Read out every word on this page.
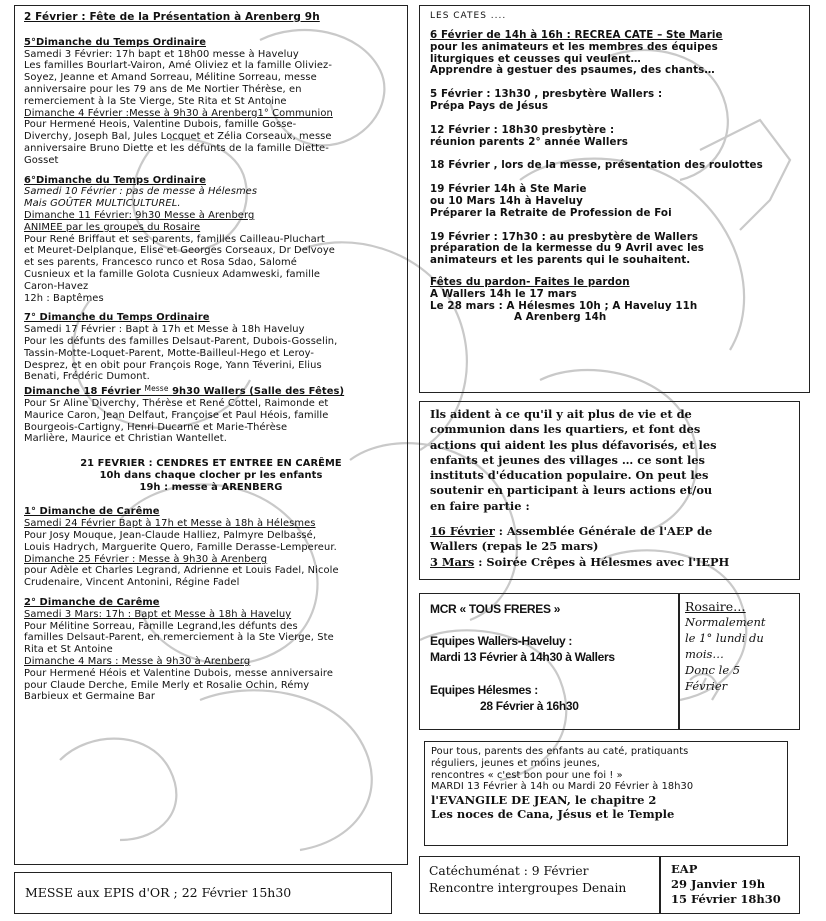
2 Février : Fête de la Présentation à Arenberg 9h
5°Dimanche du Temps Ordinaire
Samedi 3 Février: 17h bapt et 18h00 messe à Haveluy
Les familles Bourlart-Vairon, Amé Oliviez et la famille Oliviez-
Soyez, Jeanne et Amand Sorreau, Mélitine Sorreau, messe
anniversaire pour les 79 ans de Me Nortier Thérèse, en
remerciement à la Ste Vierge, Ste Rita et St Antoine
Dimanche 4 Février :Messe à 9h30 à Arenberg1° Communion
Pour Hermené Heois, Valentine Dubois, famille Gosse-
Diverchy, Joseph Bal, Jules Locquet et Zélia Corseaux, messe
anniversaire Bruno Diette et les défunts de la famille Diette-
Gosset
6°Dimanche du Temps Ordinaire
Samedi 10 Février : pas de messe à Hélesmes
Mais GOÛTER MULTICULTUREL.
Dimanche 11 Février: 9h30 Messe à Arenberg
ANIMEE par les groupes du Rosaire
Pour René Briffaut et ses parents, familles Cailleau-Pluchart
et Meuret-Delplanque, Elise et Georges Corseaux, Dr Delvoye
et ses parents, Francesco runco et Rosa Sdao, Salomé
Cusnieux et la famille Golota Cusnieux Adamweski, famille
Caron-Havez
12h : Baptêmes
7° Dimanche du Temps Ordinaire
Samedi 17 Février : Bapt à 17h et Messe à 18h Haveluy
Pour les défunts des familles Delsaut-Parent, Dubois-Gosselin,
Tassin-Motte-Loquet-Parent, Motte-Bailleul-Hego et Leroy-
Desprez, et en obit pour François Roge, Yann Téverini, Elius
Benati, Frédéric Dumont.
Dimanche 18 Février $^{Messe}$ 9h30 Wallers (Salle des Fêtes)
Pour Sr Aline Diverchy, Thérèse et René Cottel, Raimonde et
Maurice Caron, Jean Delfaut, Françoise et Paul Héois, famille
Bourgeois-Cartigny, Henri Ducarne et Marie-Thérèse
Marlière, Maurice et Christian Wantellet.
21 FEVRIER : CENDRES ET ENTREE EN CARÊME
10h dans chaque clocher pr les enfants
19h : messe à ARENBERG
1° Dimanche de Carême
Samedi 24 Février Bapt à 17h et Messe à 18h à Hélesmes
Pour Josy Mouque, Jean-Claude Halliez, Palmyre Delbassé,
Louis Hadrych, Marguerite Quero, Famille Derasse-Lempereur.
Dimanche 25 Février : Messe à 9h30 à Arenberg
pour Adèle et Charles Legrand, Adrienne et Louis Fadel, Nicole
Crudenaire, Vincent Antonini, Régine Fadel
2° Dimanche de Carême
Samedi 3 Mars: 17h : Bapt et Messe à 18h à Haveluy
Pour Mélitine Sorreau, Famille Legrand,les défunts des
familles Delsaut-Parent, en remerciement à la Ste Vierge, Ste
Rita et St Antoine
Dimanche 4 Mars : Messe à 9h30 à Arenberg
Pour Hermené Héois et Valentine Dubois, messe anniversaire
pour Claude Derche, Emile Merly et Rosalie Ochin, Rémy
Barbieux et Germaine Bar
MESSE aux EPIS d'OR ; 22 Février 15h30
LES CATES ....
6 Février de 14h à 16h : RECREA CATE – Ste Marie
pour les animateurs et les membres des équipes
liturgiques et ceusses qui veulent…
Apprendre à gestuer des psaumes, des chants…
5 Février : 13h30 , presbytère Wallers :
Prépa Pays de Jésus
12 Février : 18h30 presbytère :
réunion parents 2° année Wallers
18 Février , lors de la messe, présentation des roulottes
19 Février 14h à Ste Marie
ou 10 Mars 14h à Haveluy
Préparer la Retraite de Profession de Foi
19 Février : 17h30 : au presbytère de Wallers
préparation de la kermesse du 9 Avril avec les
animateurs et les parents qui le souhaitent.
Fêtes du pardon- Faites le pardon
A Wallers 14h le 17 mars
Le 28 mars : A Hélesmes 10h ; A Haveluy 11h
A Arenberg 14h
Ils aident à ce qu'il y ait plus de vie et de
communion dans les quartiers, et font des
actions qui aident les plus défavorisés, et les
enfants et jeunes des villages … ce sont les
instituts d'éducation populaire. On peut les
soutenir en participant à leurs actions et/ou
en faire partie :
16 Février : Assemblée Générale de l'AEP de
Wallers (repas le 25 mars)
3 Mars : Soirée Crêpes à Hélesmes avec l'IEPH
MCR « TOUS FRERES »
Equipes Wallers-Haveluy :
Mardi 13 Février à 14h30 à Wallers
Equipes Hélesmes :
28 Février à 16h30
Rosaire…
Normalement
le 1° lundi du
mois…
Donc le 5
Février
Pour tous, parents des enfants au caté, pratiquants
réguliers, jeunes et moins jeunes,
rencontres « c'est bon pour une foi ! »
MARDI 13 Février à 14h ou Mardi 20 Février à 18h30
l'EVANGILE DE JEAN, le chapitre 2
Les noces de Cana, Jésus et le Temple
Catéchuménat : 9 Février
Rencontre intergroupes Denain
EAP
29 Janvier 19h
15 Février 18h30
